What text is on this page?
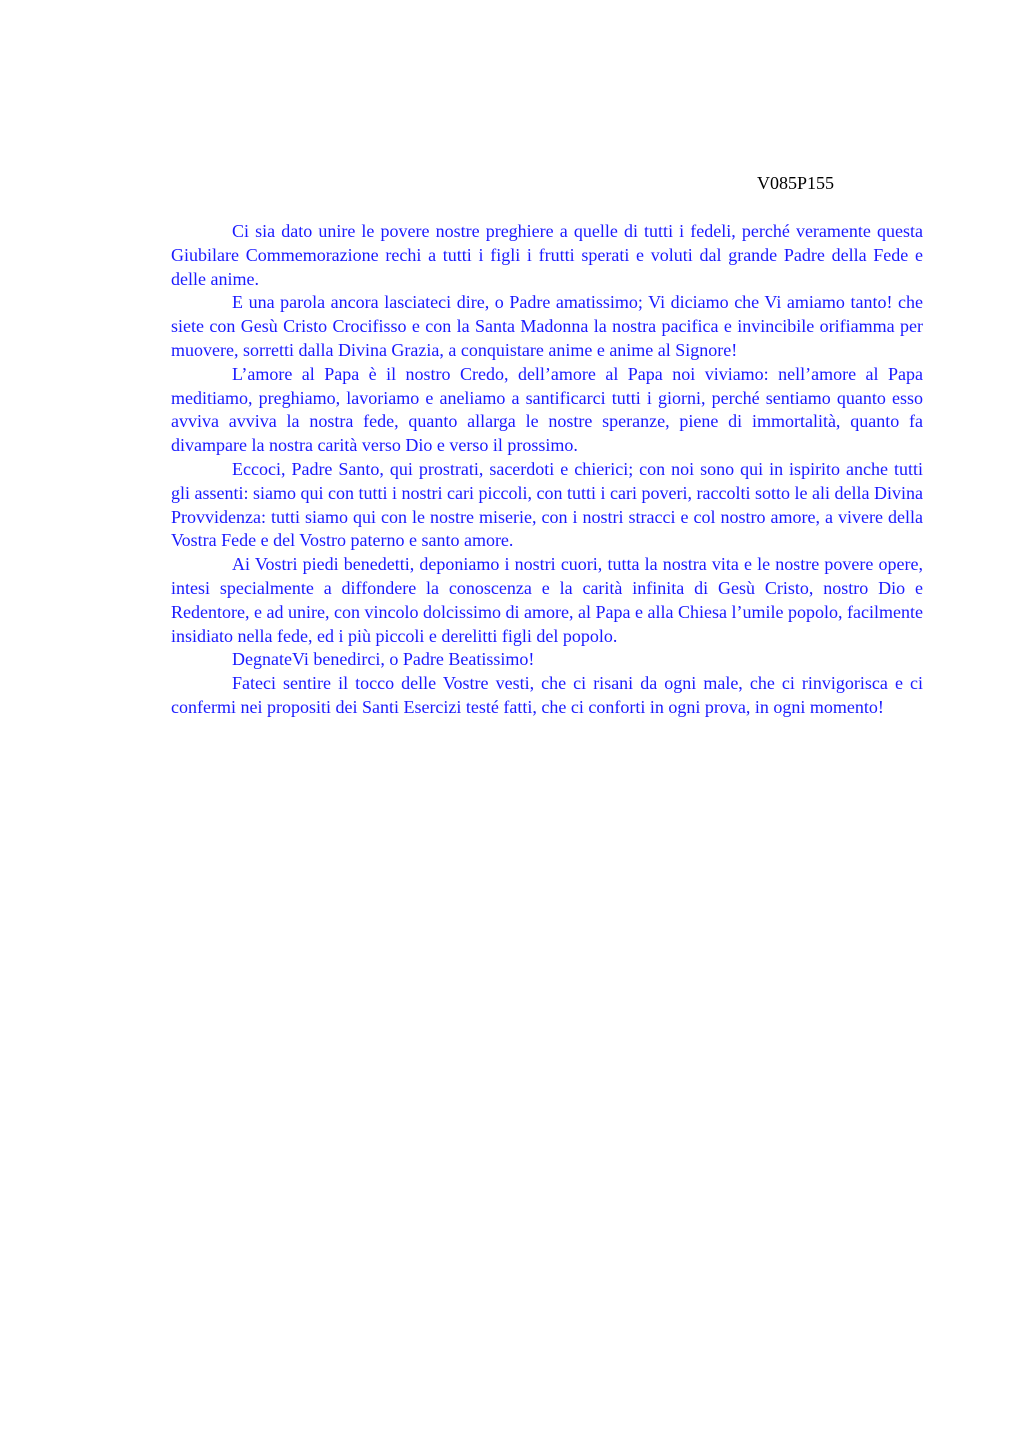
V085P155

Ci sia dato unire le povere nostre preghiere a quelle di tutti i fedeli, perché veramente questa Giubilare Commemorazione rechi a tutti i figli i frutti sperati e voluti dal grande Padre della Fede e delle anime.

E una parola ancora lasciateci dire, o Padre amatissimo; Vi diciamo che Vi amiamo tanto! che siete con Gesù Cristo Crocifisso e con la Santa Madonna la nostra pacifica e invincibile orifiamma per muovere, sorretti dalla Divina Grazia, a conquistare anime e anime al Signore!

L’amore al Papa è il nostro Credo, dell’amore al Papa noi viviamo: nell’amore al Papa meditiamo, preghiamo, lavoriamo e aneliamo a santificarci tutti i giorni, perché sentiamo quanto esso avviva avviva la nostra fede, quanto allarga le nostre speranze, piene di immortalità, quanto fa divampare la nostra carità verso Dio e verso il prossimo.

Eccoci, Padre Santo, qui prostrati, sacerdoti e chierici; con noi sono qui in ispirito anche tutti gli assenti: siamo qui con tutti i nostri cari piccoli, con tutti i cari poveri, raccolti sotto le ali della Divina Provvidenza: tutti siamo qui con le nostre miserie, con i nostri stracci e col nostro amore, a vivere della Vostra Fede e del Vostro paterno e santo amore.

Ai Vostri piedi benedetti, deponiamo i nostri cuori, tutta la nostra vita e le nostre povere opere, intesi specialmente a diffondere la conoscenza e la carità infinita di Gesù Cristo, nostro Dio e Redentore, e ad unire, con vincolo dolcissimo di amore, al Papa e alla Chiesa l’umile popolo, facilmente insidiato nella fede, ed i più piccoli e derelitti figli del popolo.

DegnateVi benedirci, o Padre Beatissimo!

Fateci sentire il tocco delle Vostre vesti, che ci risani da ogni male, che ci rinvigorisca e ci confermi nei propositi dei Santi Esercizi testé fatti, che ci conforti in ogni prova, in ogni momento!
